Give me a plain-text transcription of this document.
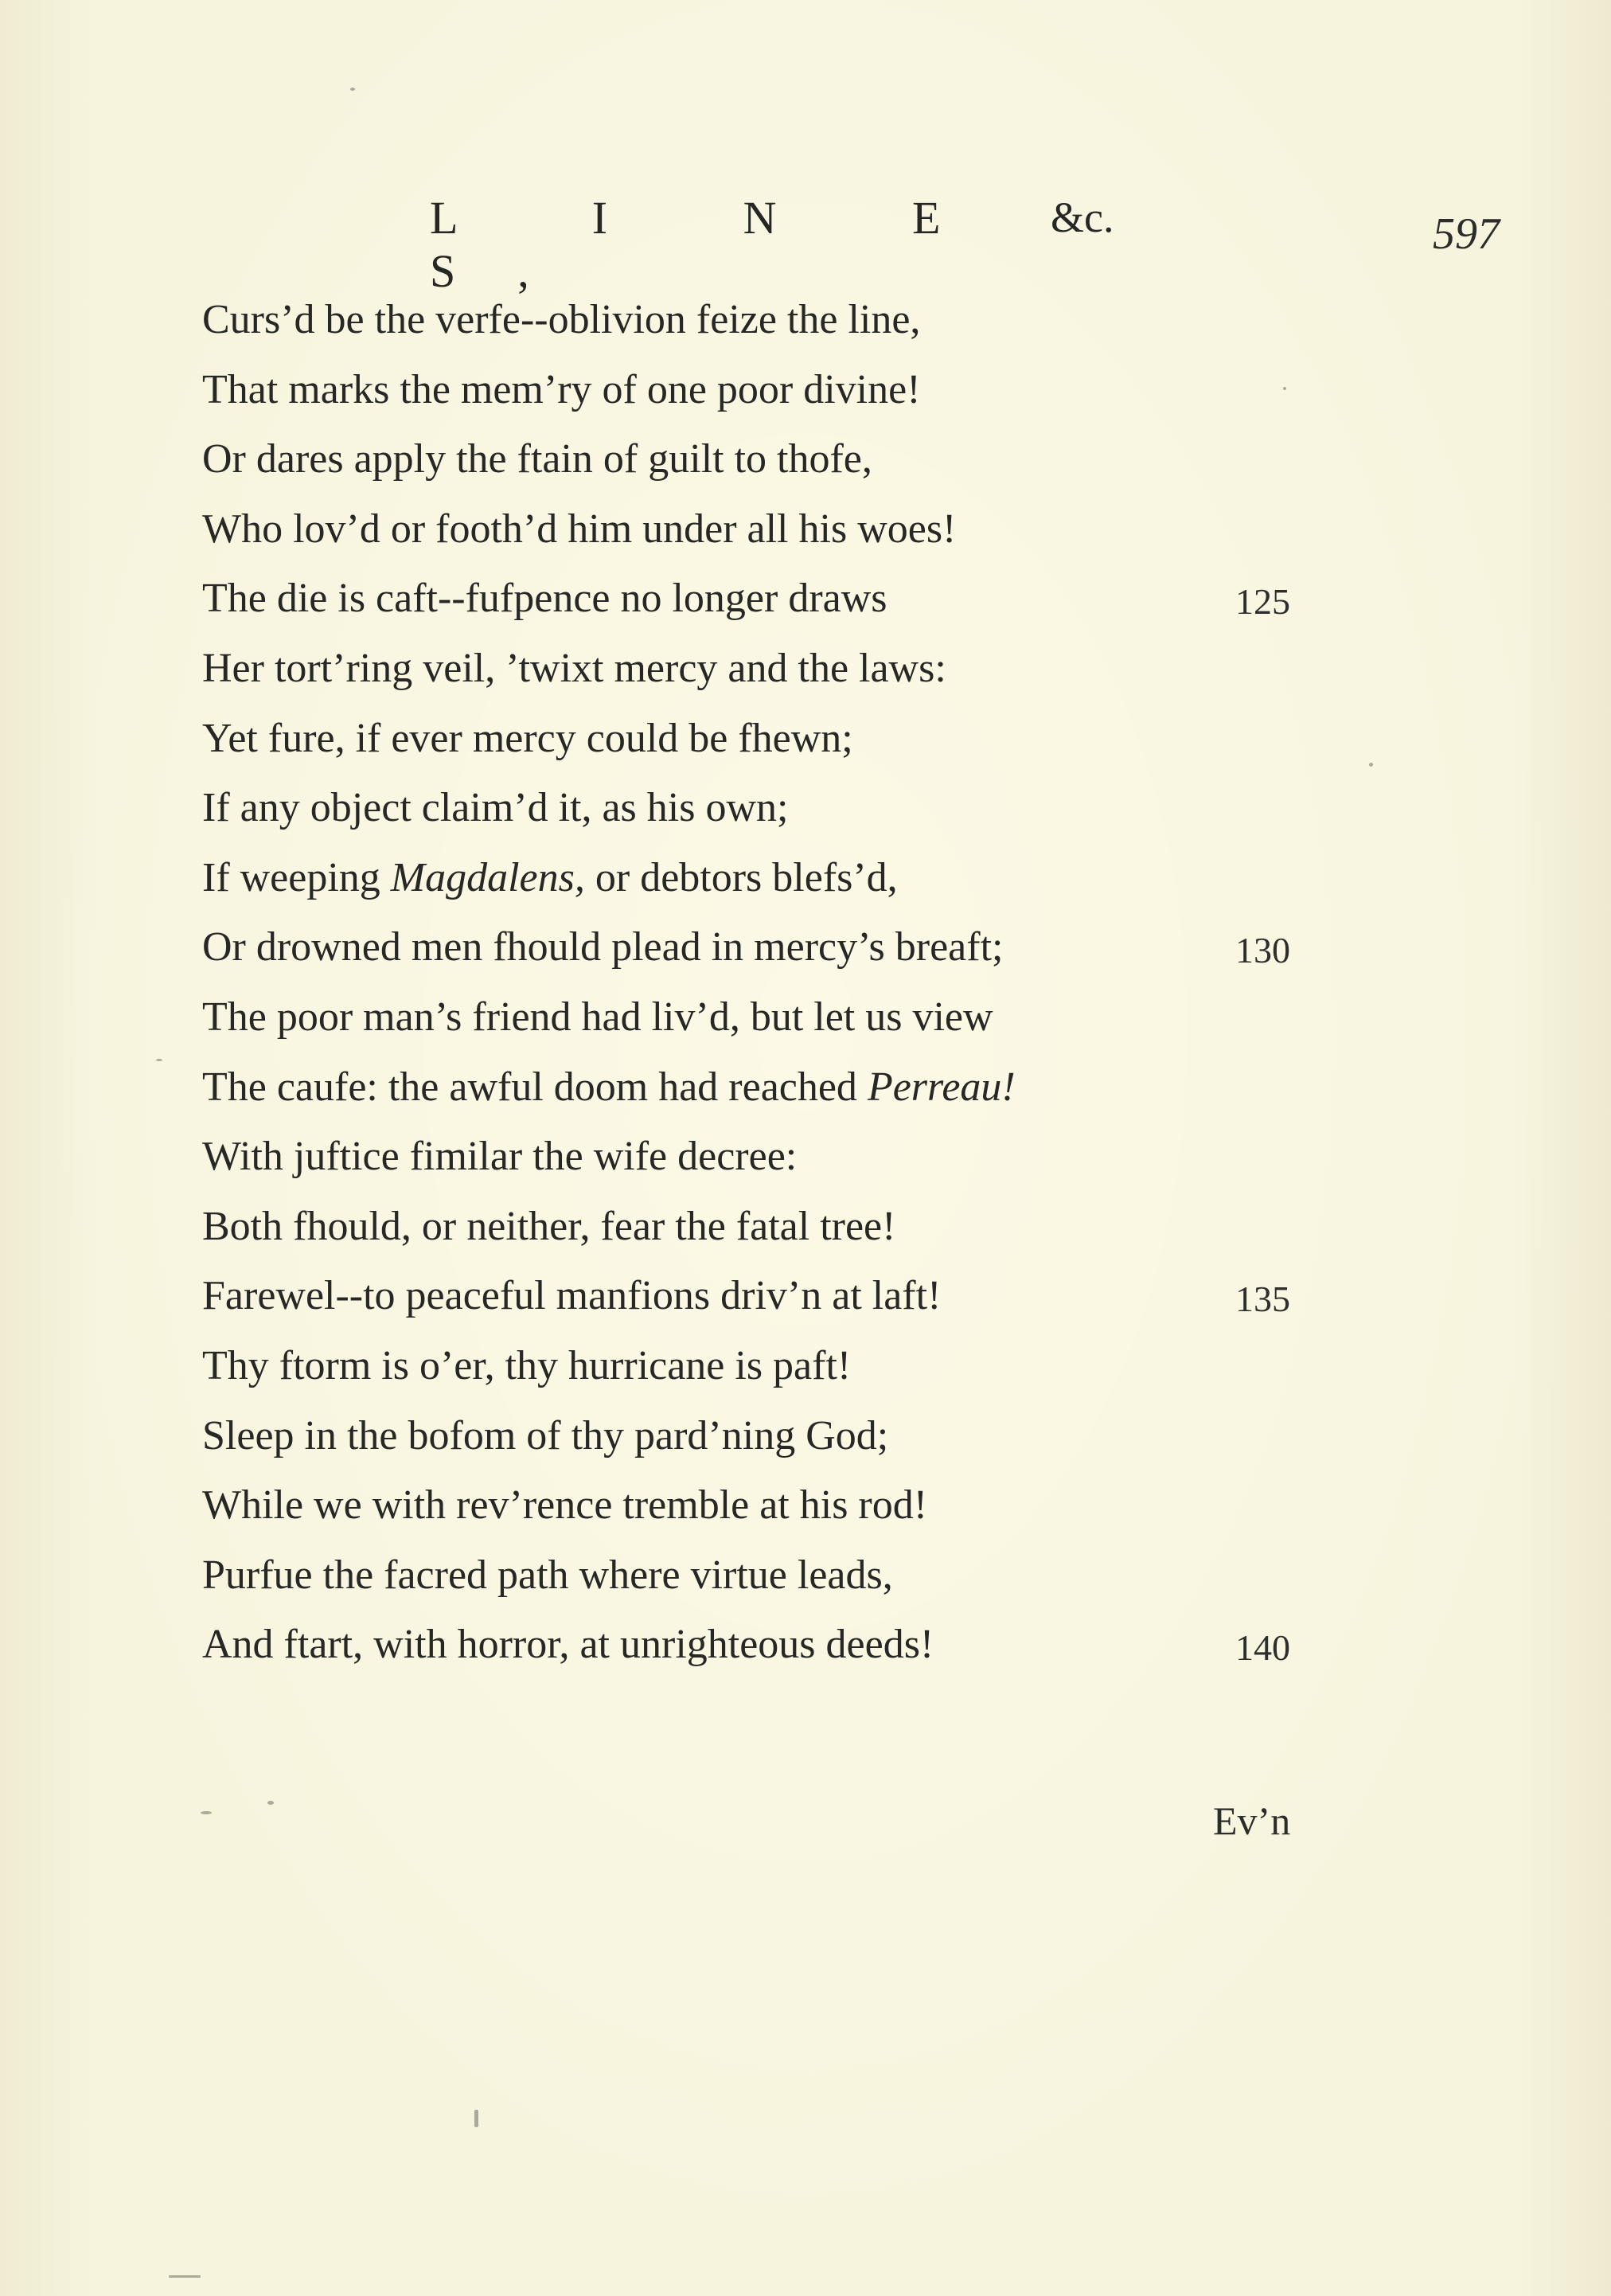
L I N E S,
&c.	597
Curs’d be the verfe--oblivion feize the line,
That marks the mem’ry of one poor divine!
Or dares apply the ftain of guilt to thofe,
Who lov’d or footh’d him under all his woes!
The die is caft--fufpence no longer draws	125
Her tort’ring veil, ’twixt mercy and the laws:
Yet fure, if ever mercy could be fhewn;
If any object claim’d it, as his own;
If weeping Magdalens, or debtors blefs’d,
Or drowned men fhould plead in mercy’s breaft;	130
The poor man’s friend had liv’d, but let us view
The caufe: the awful doom had reached Perreau!
With juftice fimilar the wife decree:
Both fhould, or neither, fear the fatal tree!
Farewel--to peaceful manfions driv’n at laft!	135
Thy ftorm is o’er, thy hurricane is paft!
Sleep in the bofom of thy pard’ning God;
While we with rev’rence tremble at his rod!
Purfue the facred path where virtue leads,
And ftart, with horror, at unrighteous deeds!	140
Ev’n
